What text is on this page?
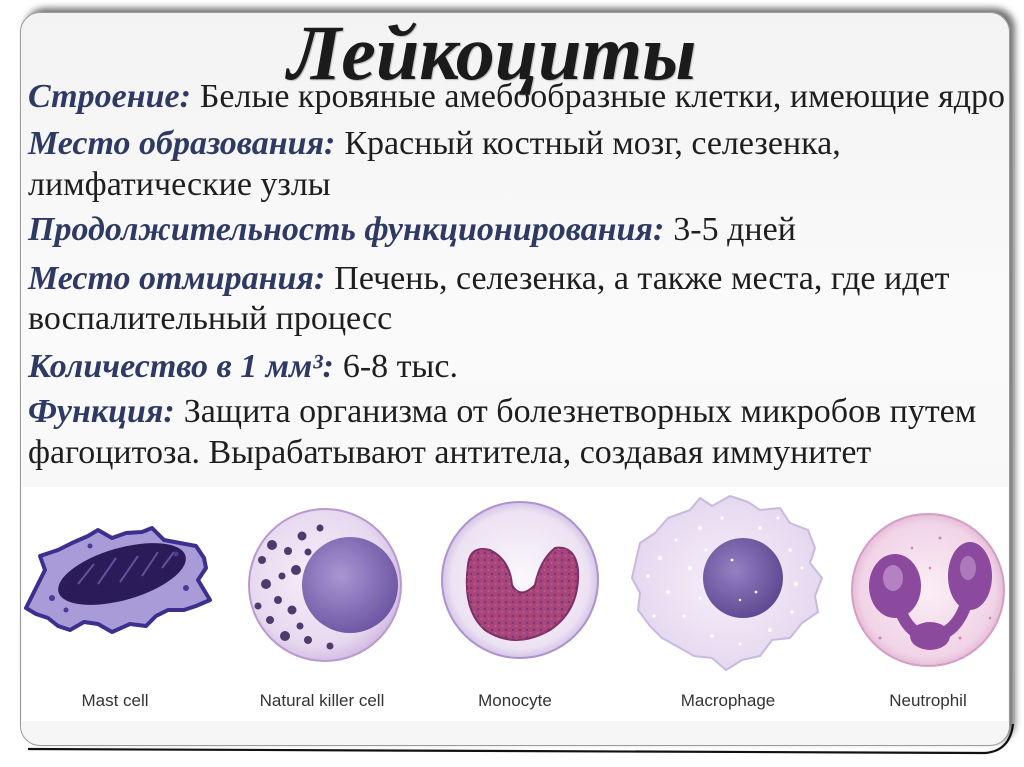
Лейкоциты
Строение: Белые кровяные амебообразные клетки, имеющие ядро
Место образования: Красный костный мозг, селезенка,
лимфатические узлы
Продолжительность функционирования: 3-5 дней
Место отмирания: Печень, селезенка, а также места, где идет
воспалительный процесс
Количество в 1 мм³: 6-8 тыс.
Функция: Защита организма от болезнетворных микробов путем
фагоцитоза. Вырабатывают антитела, создавая иммунитет
Mast cell	Natural killer cell	Monocyte	Macrophage	Neutrophil
